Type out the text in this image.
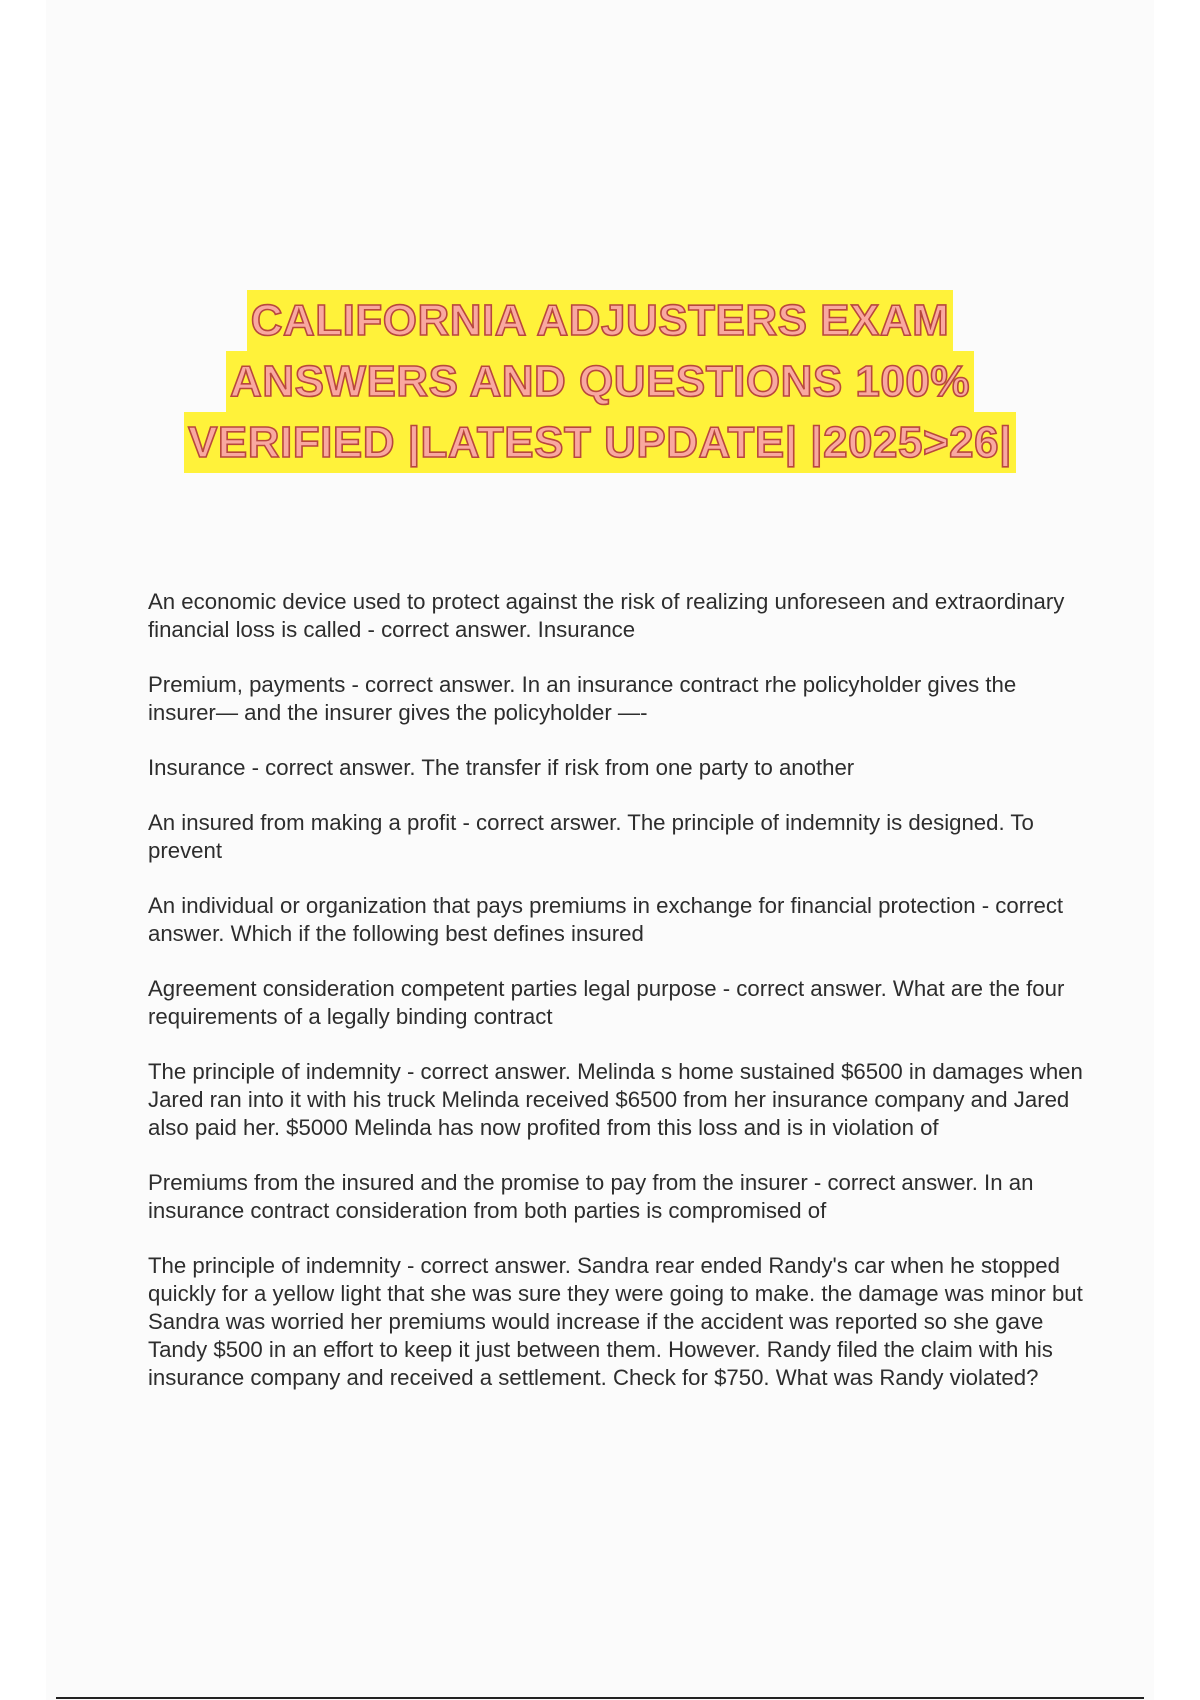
CALIFORNIA ADJUSTERS EXAM
ANSWERS AND QUESTIONS 100%
VERIFIED |LATEST UPDATE| |2025>26|
An economic device used to protect against the risk of realizing unforeseen and extraordinary financial loss is called - correct answer. Insurance
Premium, payments - correct answer. In an insurance contract rhe policyholder gives the insurer— and the insurer gives the policyholder —-
Insurance - correct answer. The transfer if risk from one party to another
An insured from making a profit - correct arswer. The principle of indemnity is designed. To prevent
An individual or organization that pays premiums in exchange for financial protection - correct answer. Which if the following best defines insured
Agreement consideration competent parties legal purpose - correct answer. What are the four requirements of a legally binding contract
The principle of indemnity - correct answer. Melinda s home sustained $6500 in damages when Jared ran into it with his truck Melinda received $6500 from her insurance company and Jared also paid her. $5000 Melinda has now profited from this loss and is in violation of
Premiums from the insured and the promise to pay from the insurer - correct answer. In an insurance contract consideration from both parties is compromised of
The principle of indemnity - correct answer. Sandra rear ended Randy's car when he stopped quickly for a yellow light that she was sure they were going to make. the damage was minor but Sandra was worried her premiums would increase if the accident was reported so she gave Tandy $500 in an effort to keep it just between them. However. Randy filed the claim with his insurance company and received a settlement. Check for $750. What was Randy violated?
